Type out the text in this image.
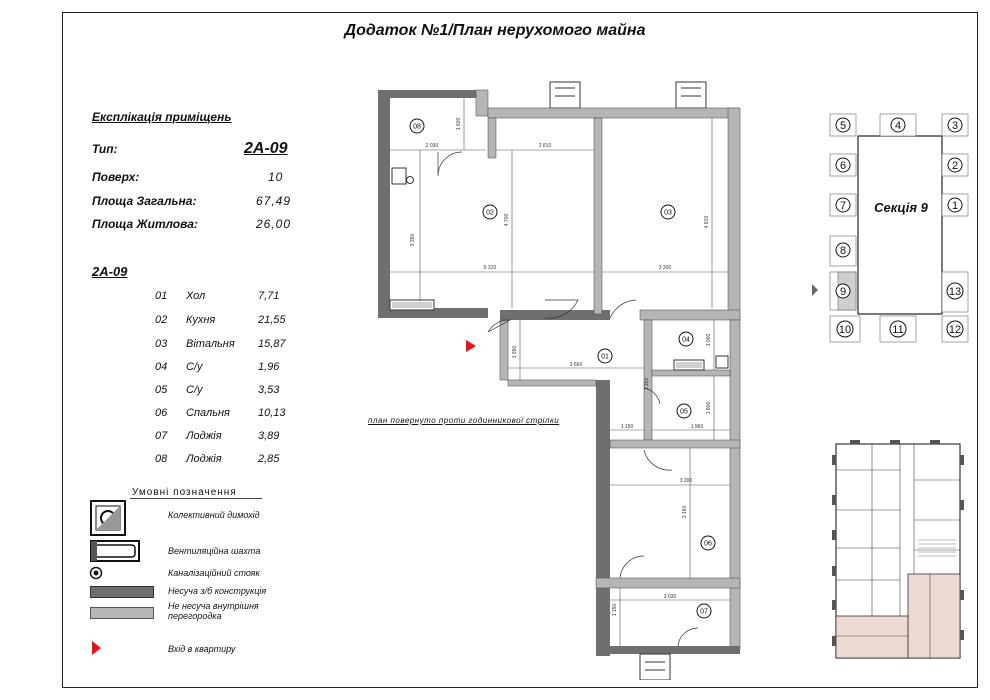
Додаток №1/План нерухомого майна
Експлікація приміщень
Тип:	2А-09
Поверх:	10
Площа Загальна:	67,49
Площа Житлова:	26,00
2А-09
01 Хол	7,71
02 Кухня	21,55
03 Вітальня 15,87
04 С/у	1,96
05 С/у	3,53
06 Спальня	10,13
07 Лоджія	3,89
08 Лоджія	2,85
Умовні позначення
Колективний димохід
Вентиляційна шахта
Каналізаційний стояк
Несуча з/б конструкція
Не несуча внутрішня перегородка
Вхід в квартиру
2 030
1 600
2 810
3 350
4 700	4 810
5 310	3 300
1 650
3 660
1 000
1 350
1 800
1 150	1 960
3 200
3 160
3 030
1 150
08
02	03
01
04
05
06
07
план повернуто проти годинникової стрілки
5	4	3
6	2
7	1
8
9	13
10	11	12
Секція 9
